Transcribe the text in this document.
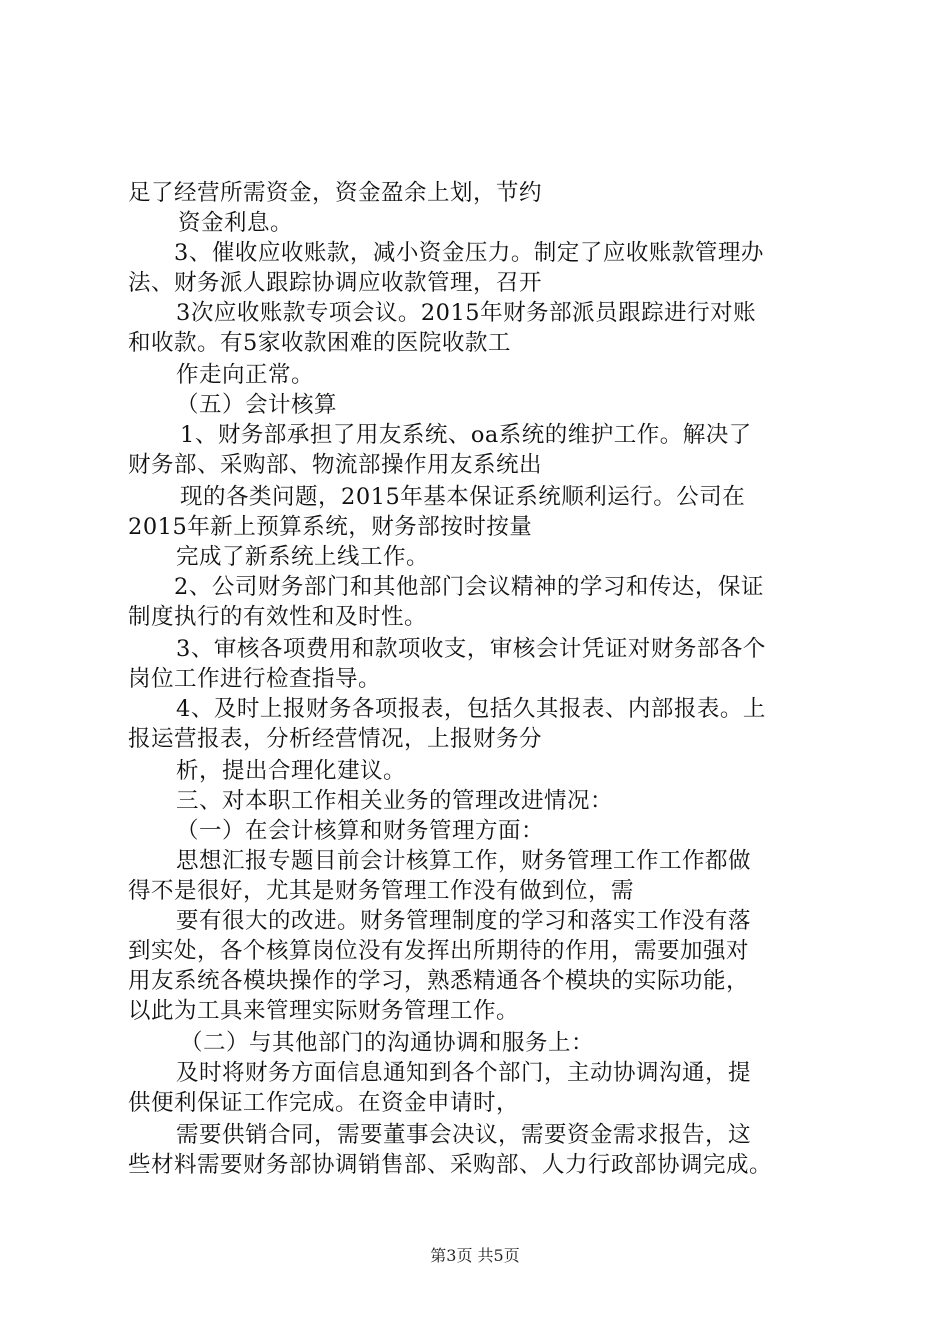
足了经营所需资金，资金盈余上划，节约
资金利息。
3、催收应收账款，减小资金压力。制定了应收账款管理办
法、财务派人跟踪协调应收款管理，召开
3次应收账款专项会议。2015年财务部派员跟踪进行对账
和收款。有5家收款困难的医院收款工
作走向正常。
（五）会计核算
1、财务部承担了用友系统、oa系统的维护工作。解决了
财务部、采购部、物流部操作用友系统出
现的各类问题，2015年基本保证系统顺利运行。公司在
2015年新上预算系统，财务部按时按量
完成了新系统上线工作。
2、公司财务部门和其他部门会议精神的学习和传达，保证
制度执行的有效性和及时性。
3、审核各项费用和款项收支，审核会计凭证对财务部各个
岗位工作进行检查指导。
4、及时上报财务各项报表，包括久其报表、内部报表。上
报运营报表，分析经营情况，上报财务分
析，提出合理化建议。
三、对本职工作相关业务的管理改进情况：
（一）在会计核算和财务管理方面：
思想汇报专题目前会计核算工作，财务管理工作工作都做
得不是很好，尤其是财务管理工作没有做到位，需
要有很大的改进。财务管理制度的学习和落实工作没有落
到实处，各个核算岗位没有发挥出所期待的作用，需要加强对
用友系统各模块操作的学习，熟悉精通各个模块的实际功能，
以此为工具来管理实际财务管理工作。
（二）与其他部门的沟通协调和服务上：
及时将财务方面信息通知到各个部门，主动协调沟通，提
供便利保证工作完成。在资金申请时，
需要供销合同，需要董事会决议，需要资金需求报告，这
些材料需要财务部协调销售部、采购部、人力行政部协调完成。
第3页 共5页
